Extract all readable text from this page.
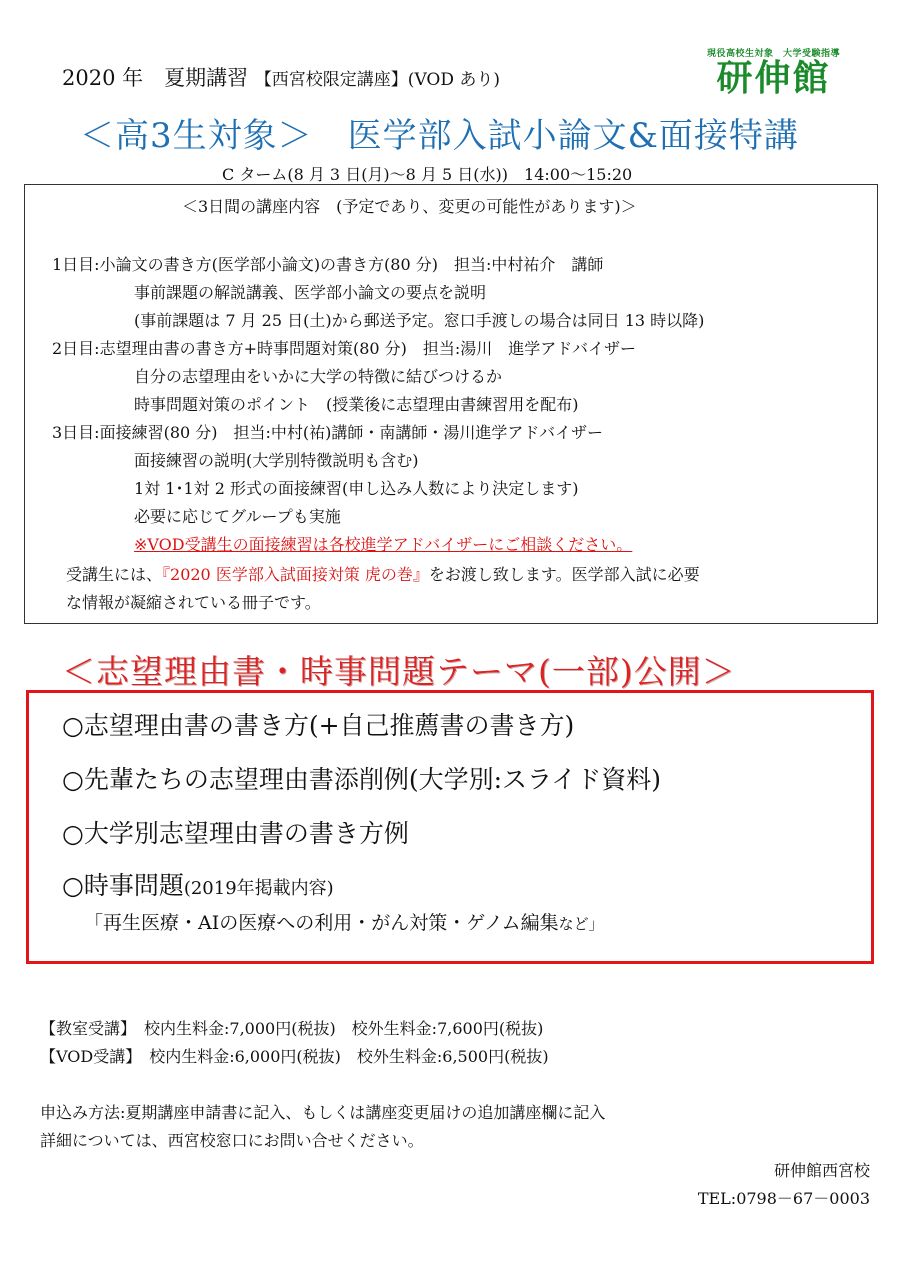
2020 年　夏期講習 【西宮校限定講座】(VOD あり)
現役高校生対象　大学受験指導
研伸館
＜高3生対象＞　医学部入試小論文&面接特講
C ターム(8 月 3 日(月)～8 月 5 日(水))　14:00～15:20
＜3日間の講座内容　(予定であり、変更の可能性があります)＞
1日目:小論文の書き方(医学部小論文)の書き方(80 分)　担当:中村祐介　講師
事前課題の解説講義、医学部小論文の要点を説明
(事前課題は 7 月 25 日(土)から郵送予定。窓口手渡しの場合は同日 13 時以降)
2日目:志望理由書の書き方+時事問題対策(80 分)　担当:湯川　進学アドバイザー
自分の志望理由をいかに大学の特徴に結びつけるか
時事問題対策のポイント　(授業後に志望理由書練習用を配布)
3日目:面接練習(80 分)　担当:中村(祐)講師・南講師・湯川進学アドバイザー
面接練習の説明(大学別特徴説明も含む)
1対 1･1対 2 形式の面接練習(申し込み人数により決定します)
必要に応じてグループも実施
※VOD受講生の面接練習は各校進学アドバイザーにご相談ください。
受講生には、『2020 医学部入試面接対策 虎の巻』をお渡し致します。医学部入試に必要
な情報が凝縮されている冊子です。
＜志望理由書・時事問題テーマ(一部)公開＞
○志望理由書の書き方(+自己推薦書の書き方)
○先輩たちの志望理由書添削例(大学別:スライド資料)
○大学別志望理由書の書き方例
○時事問題(2019年掲載内容)
「再生医療・AIの医療への利用・がん対策・ゲノム編集など」
【教室受講】　校内生料金:7,000円(税抜)　校外生料金:7,600円(税抜)
【VOD受講】　校内生料金:6,000円(税抜)　校外生料金:6,500円(税抜)
申込み方法:夏期講座申請書に記入、もしくは講座変更届けの追加講座欄に記入
詳細については、西宮校窓口にお問い合せください。
研伸館西宮校
TEL:0798－67－0003
